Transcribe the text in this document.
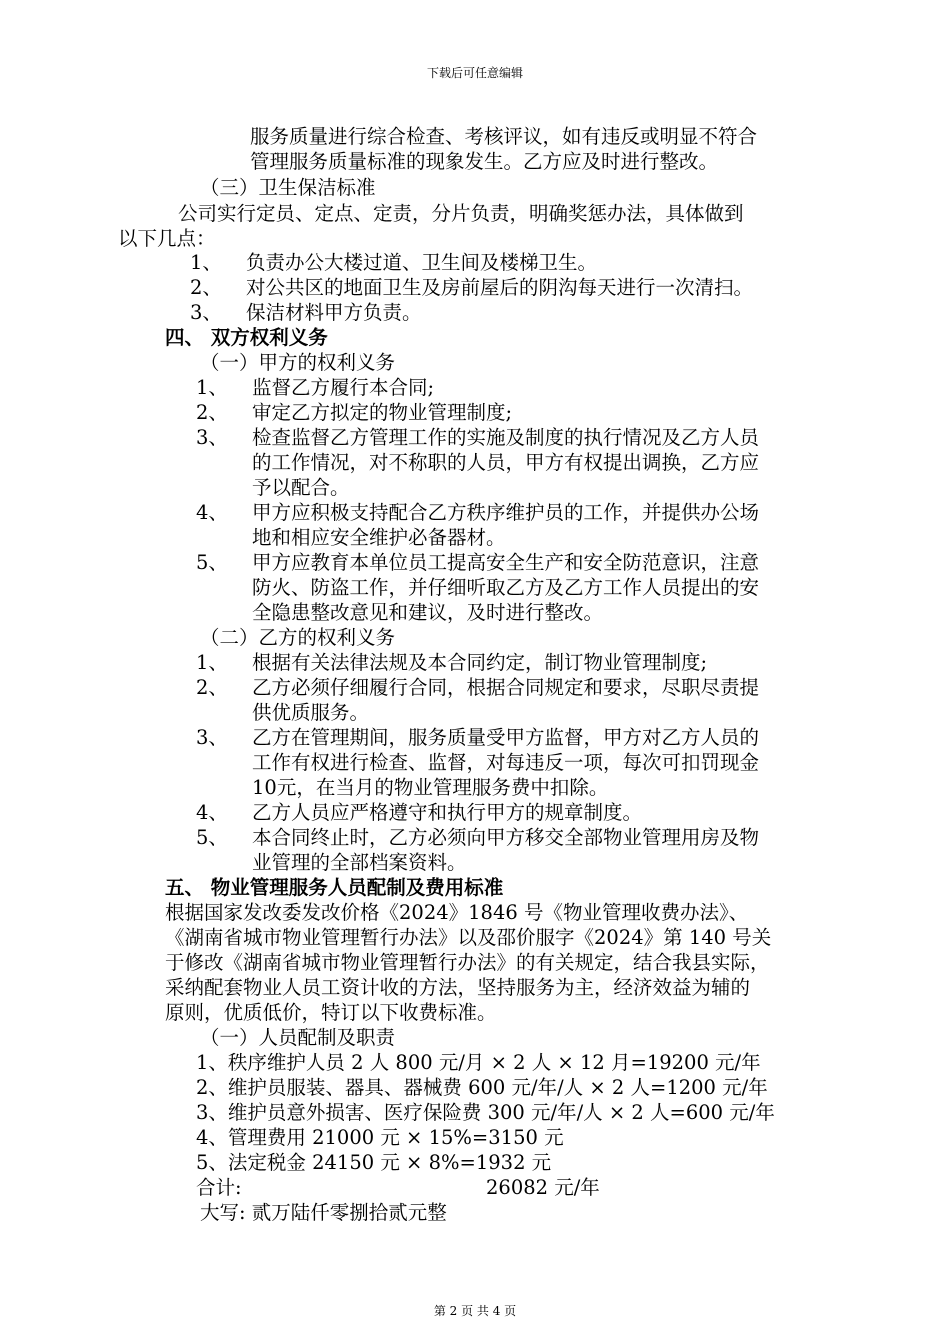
下载后可任意编辑
服务质量进行综合检查、考核评议，如有违反或明显不符合
管理服务质量标准的现象发生。乙方应及时进行整改。
（三）卫生保洁标准
公司实行定员、定点、定责，分片负责，明确奖惩办法，具体做到
以下几点：
1、 负责办公大楼过道、卫生间及楼梯卫生。
2、 对公共区的地面卫生及房前屋后的阴沟每天进行一次清扫。
3、 保洁材料甲方负责。
四、 双方权利义务
（一）甲方的权利义务
1、 监督乙方履行本合同;
2、 审定乙方拟定的物业管理制度;
3、 检查监督乙方管理工作的实施及制度的执行情况及乙方人员
的工作情况，对不称职的人员，甲方有权提出调换，乙方应
予以配合。
4、 甲方应积极支持配合乙方秩序维护员的工作，并提供办公场
地和相应安全维护必备器材。
5、 甲方应教育本单位员工提高安全生产和安全防范意识，注意
防火、防盗工作，并仔细听取乙方及乙方工作人员提出的安
全隐患整改意见和建议，及时进行整改。
（二）乙方的权利义务
1、 根据有关法律法规及本合同约定，制订物业管理制度;
2、 乙方必须仔细履行合同，根据合同规定和要求，尽职尽责提
供优质服务。
3、 乙方在管理期间，服务质量受甲方监督，甲方对乙方人员的
工作有权进行检查、监督，对每违反一项，每次可扣罚现金
10元，在当月的物业管理服务费中扣除。
4、 乙方人员应严格遵守和执行甲方的规章制度。
5、 本合同终止时，乙方必须向甲方移交全部物业管理用房及物
业管理的全部档案资料。
五、 物业管理服务人员配制及费用标准
根据国家发改委发改价格《2024》1846 号《物业管理收费办法》、
《湖南省城市物业管理暂行办法》以及邵价服字《2024》第 140 号关
于修改《湖南省城市物业管理暂行办法》的有关规定，结合我县实际，
采纳配套物业人员工资计收的方法，坚持服务为主，经济效益为辅的
原则，优质低价，特订以下收费标准。
（一）人员配制及职责
1、秩序维护人员 2 人 800 元/月 × 2 人 × 12 月=19200 元/年
2、维护员服装、器具、器械费 600 元/年/人 × 2 人=1200 元/年
3、维护员意外损害、医疗保险费 300 元/年/人 × 2 人=600 元/年
4、管理费用 21000 元 × 15%=3150 元
5、法定税金 24150 元 × 8%=1932 元
合计:	26082 元/年
大写: 贰万陆仟零捌拾贰元整
第 2 页 共 4 页
